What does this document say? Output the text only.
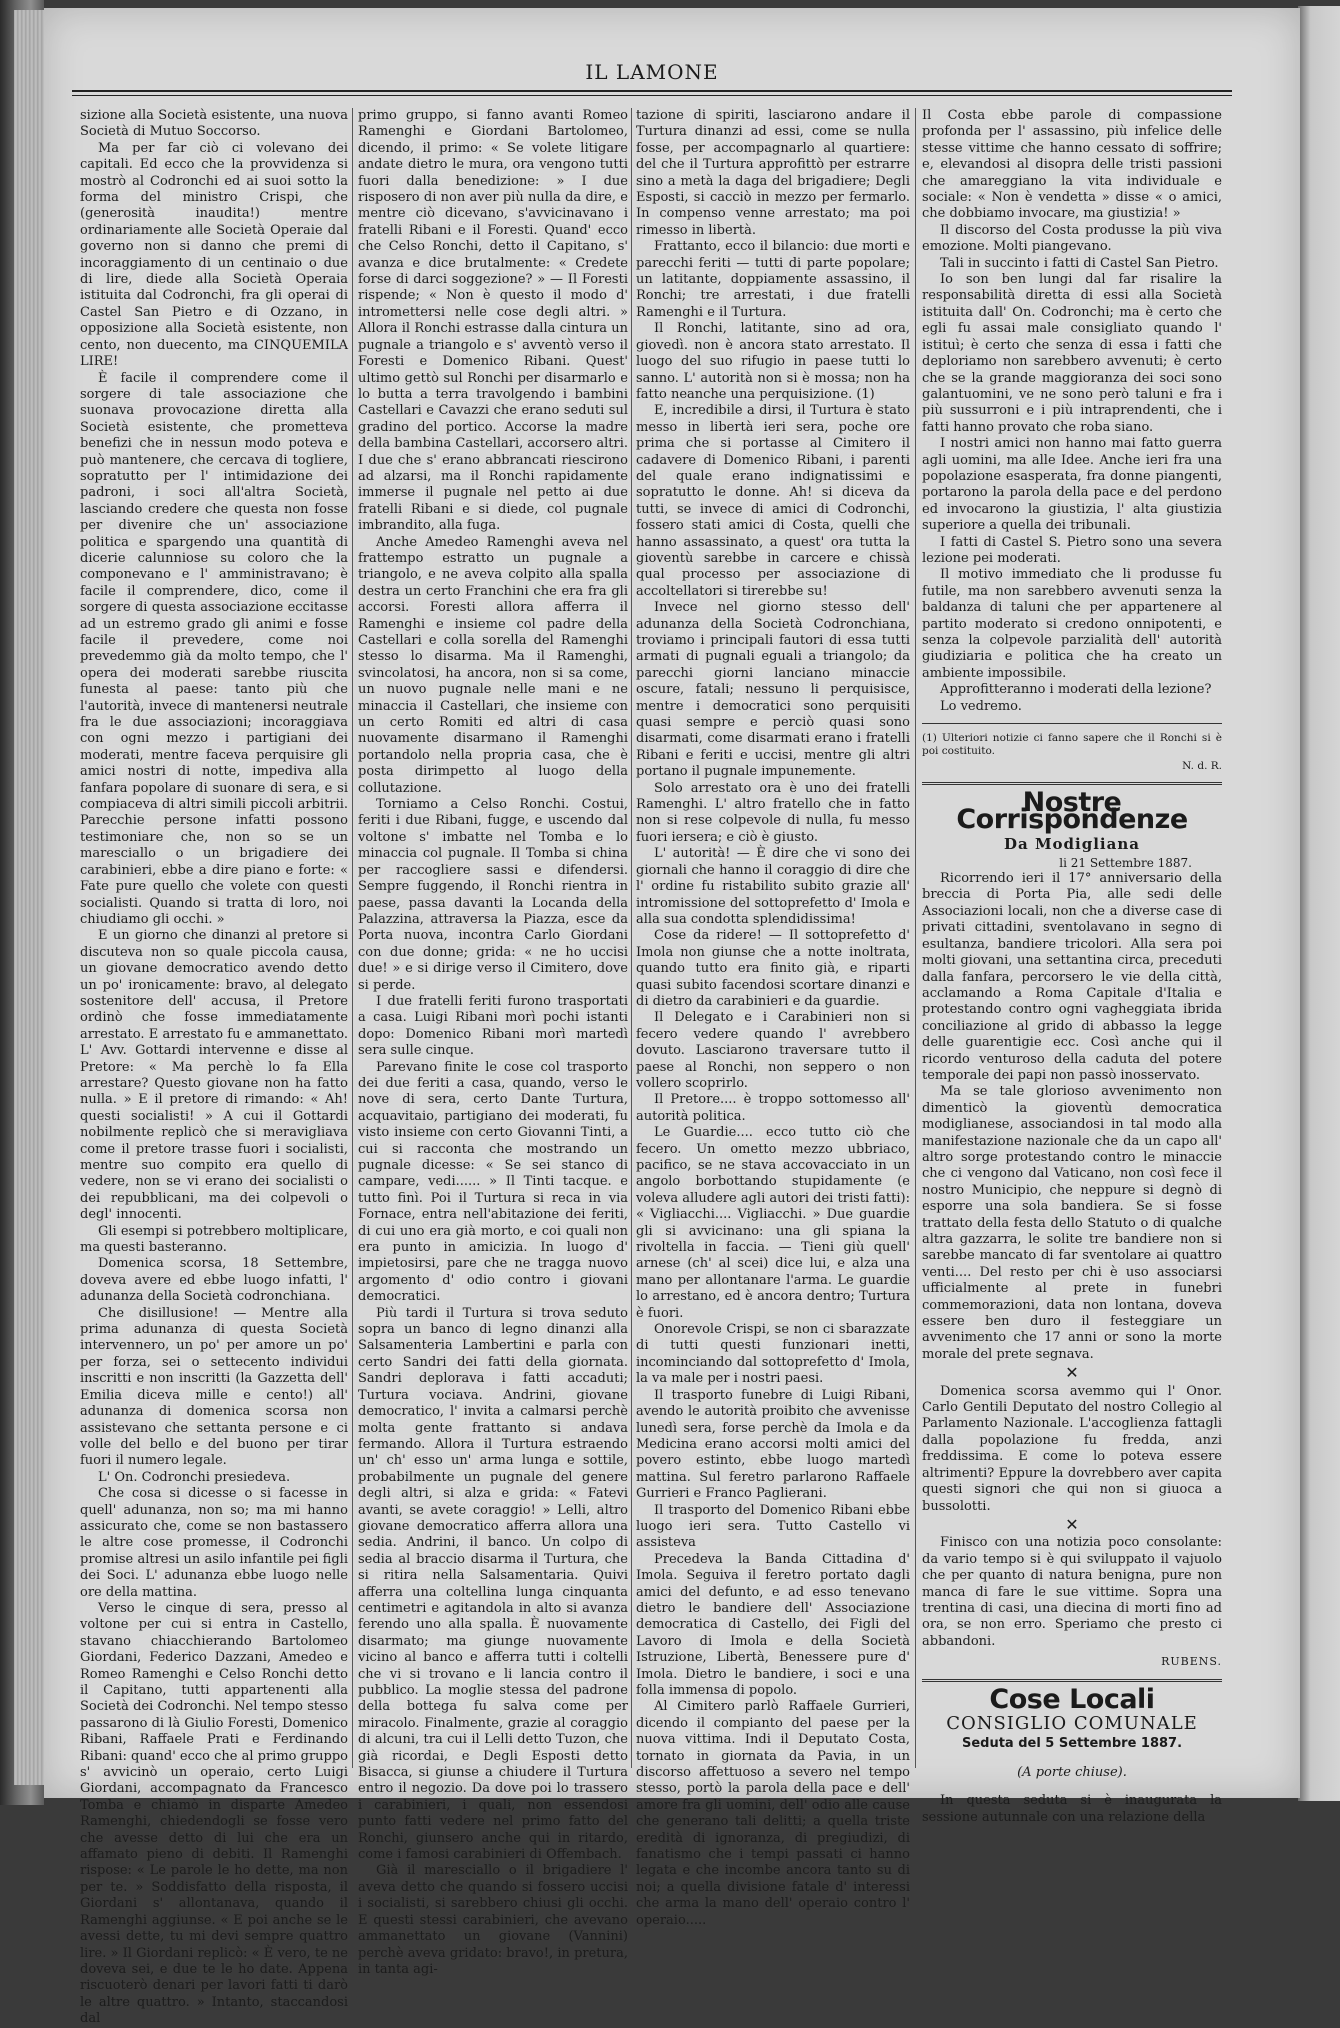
IL LAMONE

sizione alla Società esistente, una nuova Società di Mutuo Soccorso.

Ma per far ciò ci volevano dei capitali. Ed ecco che la provvidenza si mostrò al Codronchi ed ai suoi sotto la forma del ministro Crispi, che (generosità inaudita!) mentre ordinariamente alle Società Operaie dal governo non si danno che premi di incoraggiamento di un centinaio o due di lire, diede alla Società Operaia istituita dal Codronchi, fra gli operai di Castel San Pietro e di Ozzano, in opposizione alla Società esistente, non cento, non duecento, ma CINQUEMILA LIRE!

È facile il comprendere come il sorgere di tale associazione che suonava provocazione diretta alla Società esistente, che prometteva benefizi che in nessun modo poteva e può mantenere, che cercava di togliere, sopratutto per l' intimidazione dei padroni, i soci all'altra Società, lasciando credere che questa non fosse per divenire che un' associazione politica e spargendo una quantità di dicerie calunniose su coloro che la componevano e l' amministravano; è facile il comprendere, dico, come il sorgere di questa associazione eccitasse ad un estremo grado gli animi e fosse facile il prevedere, come noi prevedemmo già da molto tempo, che l' opera dei moderati sarebbe riuscita funesta al paese: tanto più che l'autorità, invece di mantenersi neutrale fra le due associazioni; incoraggiava con ogni mezzo i partigiani dei moderati, mentre faceva perquisire gli amici nostri di notte, impediva alla fanfara popolare di suonare di sera, e si compiaceva di altri simili piccoli arbitrii. Parecchie persone infatti possono testimoniare che, non so se un maresciallo o un brigadiere dei carabinieri, ebbe a dire piano e forte: « Fate pure quello che volete con questi socialisti. Quando si tratta di loro, noi chiudiamo gli occhi. »

E un giorno che dinanzi al pretore si discuteva non so quale piccola causa, un giovane democratico avendo detto un po' ironicamente: bravo, al delegato sostenitore dell' accusa, il Pretore ordinò che fosse immediatamente arrestato. E arrestato fu e ammanettato. L' Avv. Gottardi intervenne e disse al Pretore: « Ma perchè lo fa Ella arrestare? Questo giovane non ha fatto nulla. » E il pretore di rimando: « Ah! questi socialisti! » A cui il Gottardi nobilmente replicò che si meravigliava come il pretore trasse fuori i socialisti, mentre suo compito era quello di vedere, non se vi erano dei socialisti o dei repubblicani, ma dei colpevoli o degl' innocenti.

Gli esempi si potrebbero moltiplicare, ma questi basteranno.

Domenica scorsa, 18 Settembre, doveva avere ed ebbe luogo infatti, l' adunanza della Società codronchiana.

Che disillusione! — Mentre alla prima adunanza di questa Società intervennero, un po' per amore un po' per forza, sei o settecento individui inscritti e non inscritti (la Gazzetta dell' Emilia diceva mille e cento!) all' adunanza di domenica scorsa non assistevano che settanta persone e ci volle del bello e del buono per tirar fuori il numero legale.

L' On. Codronchi presiedeva.

Che cosa si dicesse o si facesse in quell' adunanza, non so; ma mi hanno assicurato che, come se non bastassero le altre cose promesse, il Codronchi promise altresi un asilo infantile pei figli dei Soci. L' adunanza ebbe luogo nelle ore della mattina.

Verso le cinque di sera, presso al voltone per cui si entra in Castello, stavano chiacchierando Bartolomeo Giordani, Federico Dazzani, Amedeo e Romeo Ramenghi e Celso Ronchi detto il Capitano, tutti appartenenti alla Società dei Codronchi. Nel tempo stesso passarono di là Giulio Foresti, Domenico Ribani, Raffaele Prati e Ferdinando Ribani: quand' ecco che al primo gruppo s' avvicinò un operaio, certo Luigi Giordani, accompagnato da Francesco Tomba e chiamò in disparte Amedeo Ramenghi, chiedendogli se fosse vero che avesse detto di lui che era un affamato pieno di debiti. Il Ramenghi rispose: « Le parole le ho dette, ma non per te. » Soddisfatto della risposta, il Giordani s' allontanava, quando il Ramenghi aggiunse. « E poi anche se le avessi dette, tu mi devi sempre quattro lire. » Il Giordani replicò: « È vero, te ne doveva sei, e due te le ho date. Appena riscuoterò denari per lavori fatti ti darò le altre quattro. » Intanto, staccandosi dal

primo gruppo, si fanno avanti Romeo Ramenghi e Giordani Bartolomeo, dicendo, il primo: « Se volete litigare andate dietro le mura, ora vengono tutti fuori dalla benedizione: » I due risposero di non aver più nulla da dire, e mentre ciò dicevano, s'avvicinavano i fratelli Ribani e il Foresti. Quand' ecco che Celso Ronchi, detto il Capitano, s' avanza e dice brutalmente: « Credete forse di darci soggezione? » — Il Foresti rispende; « Non è questo il modo d' intromettersi nelle cose degli altri. » Allora il Ronchi estrasse dalla cintura un pugnale a triangolo e s' avventò verso il Foresti e Domenico Ribani. Quest' ultimo gettò sul Ronchi per disarmarlo e lo butta a terra travolgendo i bambini Castellari e Cavazzi che erano seduti sul gradino del portico. Accorse la madre della bambina Castellari, accorsero altri. I due che s' erano abbrancati riescirono ad alzarsi, ma il Ronchi rapidamente immerse il pugnale nel petto ai due fratelli Ribani e si diede, col pugnale imbrandito, alla fuga.

Anche Amedeo Ramenghi aveva nel frattempo estratto un pugnale a triangolo, e ne aveva colpito alla spalla destra un certo Franchini che era fra gli accorsi. Foresti allora afferra il Ramenghi e insieme col padre della Castellari e colla sorella del Ramenghi stesso lo disarma. Ma il Ramenghi, svincolatosi, ha ancora, non si sa come, un nuovo pugnale nelle mani e ne minaccia il Castellari, che insieme con un certo Romiti ed altri di casa nuovamente disarmano il Ramenghi portandolo nella propria casa, che è posta dirimpetto al luogo della collutazione.

Torniamo a Celso Ronchi. Costui, feriti i due Ribani, fugge, e uscendo dal voltone s' imbatte nel Tomba e lo minaccia col pugnale. Il Tomba si china per raccogliere sassi e difendersi. Sempre fuggendo, il Ronchi rientra in paese, passa davanti la Locanda della Palazzina, attraversa la Piazza, esce da Porta nuova, incontra Carlo Giordani con due donne; grida: « ne ho uccisi due! » e si dirige verso il Cimitero, dove si perde.

I due fratelli feriti furono trasportati a casa. Luigi Ribani morì pochi istanti dopo: Domenico Ribani morì martedì sera sulle cinque.

Parevano finite le cose col trasporto dei due feriti a casa, quando, verso le nove di sera, certo Dante Turtura, acquavitaio, partigiano dei moderati, fu visto insieme con certo Giovanni Tinti, a cui si racconta che mostrando un pugnale dicesse: « Se sei stanco di campare, vedi...... » Il Tinti tacque. e tutto finì. Poi il Turtura si reca in via Fornace, entra nell'abitazione dei feriti, di cui uno era già morto, e coi quali non era punto in amicizia. In luogo d' impietosirsi, pare che ne tragga nuovo argomento d' odio contro i giovani democratici.

Più tardi il Turtura si trova seduto sopra un banco di legno dinanzi alla Salsamenteria Lambertini e parla con certo Sandri dei fatti della giornata. Sandri deplorava i fatti accaduti; Turtura vociava. Andrini, giovane democratico, l' invita a calmarsi perchè molta gente frattanto si andava fermando. Allora il Turtura estraendo un' ch' esso un' arma lunga e sottile, probabilmente un pugnale del genere degli altri, si alza e grida: « Fatevi avanti, se avete coraggio! » Lelli, altro giovane democratico afferra allora una sedia. Andrini, il banco. Un colpo di sedia al braccio disarma il Turtura, che si ritira nella Salsamentaria. Quivi afferra una coltellina lunga cinquanta centimetri e agitandola in alto si avanza ferendo uno alla spalla. È nuovamente disarmato; ma giunge nuovamente vicino al banco e afferra tutti i coltelli che vi si trovano e li lancia contro il pubblico. La moglie stessa del padrone della bottega fu salva come per miracolo. Finalmente, grazie al coraggio di alcuni, tra cui il Lelli detto Tuzon, che già ricordai, e Degli Esposti detto Bisacca, si giunse a chiudere il Turtura entro il negozio. Da dove poi lo trassero i carabinieri, i quali, non essendosi punto fatti vedere nel primo fatto del Ronchi, giunsero anche qui in ritardo, come i famosi carabinieri di Offembach.

Già il maresciallo o il brigadiere l' aveva detto che quando si fossero uccisi i socialisti, si sarebbero chiusi gli occhi. E questi stessi carabinieri, che avevano ammanettato un giovane (Vannini) perchè aveva gridato: bravo!, in pretura, in tanta agi-

tazione di spiriti, lasciarono andare il Turtura dinanzi ad essi, come se nulla fosse, per accompagnarlo al quartiere: del che il Turtura approfittò per estrarre sino a metà la daga del brigadiere; Degli Esposti, si cacciò in mezzo per fermarlo. In compenso venne arrestato; ma poi rimesso in libertà.

Frattanto, ecco il bilancio: due morti e parecchi feriti — tutti di parte popolare; un latitante, doppiamente assassino, il Ronchi; tre arrestati, i due fratelli Ramenghi e il Turtura.

Il Ronchi, latitante, sino ad ora, giovedì. non è ancora stato arrestato. Il luogo del suo rifugio in paese tutti lo sanno. L' autorità non si è mossa; non ha fatto neanche una perquisizione. (1)

E, incredibile a dirsi, il Turtura è stato messo in libertà ieri sera, poche ore prima che si portasse al Cimitero il cadavere di Domenico Ribani, i parenti del quale erano indignatissimi e sopratutto le donne. Ah! si diceva da tutti, se invece di amici di Codronchi, fossero stati amici di Costa, quelli che hanno assassinato, a quest' ora tutta la gioventù sarebbe in carcere e chissà qual processo per associazione di accoltellatori si tirerebbe su!

Invece nel giorno stesso dell' adunanza della Società Codronchiana, troviamo i principali fautori di essa tutti armati di pugnali eguali a triangolo; da parecchi giorni lanciano minaccie oscure, fatali; nessuno li perquisisce, mentre i democratici sono perquisiti quasi sempre e perciò quasi sono disarmati, come disarmati erano i fratelli Ribani e feriti e uccisi, mentre gli altri portano il pugnale impunemente.

Solo arrestato ora è uno dei fratelli Ramenghi. L' altro fratello che in fatto non si rese colpevole di nulla, fu messo fuori iersera; e ciò è giusto.

L' autorità! — È dire che vi sono dei giornali che hanno il coraggio di dire che l' ordine fu ristabilito subito grazie all' intromissione del sottoprefetto d' Imola e alla sua condotta splendidissima!

Cose da ridere! — Il sottoprefetto d' Imola non giunse che a notte inoltrata, quando tutto era finito già, e riparti quasi subito facendosi scortare dinanzi e di dietro da carabinieri e da guardie.

Il Delegato e i Carabinieri non si fecero vedere quando l' avrebbero dovuto. Lasciarono traversare tutto il paese al Ronchi, non seppero o non vollero scoprirlo.

Il Pretore.... è troppo sottomesso all' autorità politica.

Le Guardie.... ecco tutto ciò che fecero. Un ometto mezzo ubbriaco, pacifico, se ne stava accovacciato in un angolo borbottando stupidamente (e voleva alludere agli autori dei tristi fatti): « Vigliacchi.... Vigliacchi. » Due guardie gli si avvicinano: una gli spiana la rivoltella in faccia. — Tieni giù quell' arnese (ch' al scei) dice lui, e alza una mano per allontanare l'arma. Le guardie lo arrestano, ed è ancora dentro; Turtura è fuori.

Onorevole Crispi, se non ci sbarazzate di tutti questi funzionari inetti, incominciando dal sottoprefetto d' Imola, la va male per i nostri paesi.

Il trasporto funebre di Luigi Ribani, avendo le autorità proibito che avvenisse lunedì sera, forse perchè da Imola e da Medicina erano accorsi molti amici del povero estinto, ebbe luogo martedì mattina. Sul feretro parlarono Raffaele Gurrieri e Franco Paglierani.

Il trasporto del Domenico Ribani ebbe luogo ieri sera. Tutto Castello vi assisteva

Precedeva la Banda Cittadina d' Imola. Seguiva il feretro portato dagli amici del defunto, e ad esso tenevano dietro le bandiere dell' Associazione democratica di Castello, dei Figli del Lavoro di Imola e della Società Istruzione, Libertà, Benessere pure d' Imola. Dietro le bandiere, i soci e una folla immensa di popolo.

Al Cimitero parlò Raffaele Gurrieri, dicendo il compianto del paese per la nuova vittima. Indi il Deputato Costa, tornato in giornata da Pavia, in un discorso affettuoso a severo nel tempo stesso, portò la parola della pace e dell' amore fra gli uomini, dell' odio alle cause che generano tali delitti; a quella triste eredità di ignoranza, di pregiudizi, di fanatismo che i tempi passati ci hanno legata e che incombe ancora tanto su di noi; a quella divisione fatale d' interessi che arma la mano dell' operaio contro l' operaio.....

Il Costa ebbe parole di compassione profonda per l' assassino, più infelice delle stesse vittime che hanno cessato di soffrire; e, elevandosi al disopra delle tristi passioni che amareggiano la vita individuale e sociale: « Non è vendetta » disse « o amici, che dobbiamo invocare, ma giustizia! »

Il discorso del Costa produsse la più viva emozione. Molti piangevano.

Tali in succinto i fatti di Castel San Pietro.

Io son ben lungi dal far risalire la responsabilità diretta di essi alla Società istituita dall' On. Codronchi; ma è certo che egli fu assai male consigliato quando l' istituì; è certo che senza di essa i fatti che deploriamo non sarebbero avvenuti; è certo che se la grande maggioranza dei soci sono galantuomini, ve ne sono però taluni e fra i più sussurroni e i più intraprendenti, che i fatti hanno provato che roba siano.

I nostri amici non hanno mai fatto guerra agli uomini, ma alle Idee. Anche ieri fra una popolazione esasperata, fra donne piangenti, portarono la parola della pace e del perdono ed invocarono la giustizia, l' alta giustizia superiore a quella dei tribunali.

I fatti di Castel S. Pietro sono una severa lezione pei moderati.

Il motivo immediato che li produsse fu futile, ma non sarebbero avvenuti senza la baldanza di taluni che per appartenere al partito moderato si credono onnipotenti, e senza la colpevole parzialità dell' autorità giudiziaria e politica che ha creato un ambiente impossibile.

Approfitteranno i moderati della lezione?

Lo vedremo.

(1) Ulteriori notizie ci fanno sapere che il Ronchi si è poi costituito.

N. d. R.
Nostre Corrispondenze
Da Modigliana
li 21 Settembre 1887.

Ricorrendo ieri il 17° anniversario della breccia di Porta Pia, alle sedi delle Associazioni locali, non che a diverse case di privati cittadini, sventolavano in segno di esultanza, bandiere tricolori. Alla sera poi molti giovani, una settantina circa, preceduti dalla fanfara, percorsero le vie della città, acclamando a Roma Capitale d'Italia e protestando contro ogni vagheggiata ibrida conciliazione al grido di abbasso la legge delle guarentigie ecc. Così anche qui il ricordo venturoso della caduta del potere temporale dei papi non passò inosservato.

Ma se tale glorioso avvenimento non dimenticò la gioventù democratica modiglianese, associandosi in tal modo alla manifestazione nazionale che da un capo all' altro sorge protestando contro le minaccie che ci vengono dal Vaticano, non così fece il nostro Municipio, che neppure si degnò di esporre una sola bandiera. Se si fosse trattato della festa dello Statuto o di qualche altra gazzarra, le solite tre bandiere non si sarebbe mancato di far sventolare ai quattro venti.... Del resto per chi è uso associarsi ufficialmente al prete in funebri commemorazioni, data non lontana, doveva essere ben duro il festeggiare un avvenimento che 17 anni or sono la morte morale del prete segnava.

✕

Domenica scorsa avemmo qui l' Onor. Carlo Gentili Deputato del nostro Collegio al Parlamento Nazionale. L'accoglienza fattagli dalla popolazione fu fredda, anzi freddissima. E come lo poteva essere altrimenti? Eppure la dovrebbero aver capita questi signori che qui non si giuoca a bussolotti.

✕

Finisco con una notizia poco consolante: da vario tempo si è qui sviluppato il vajuolo che per quanto di natura benigna, pure non manca di fare le sue vittime. Sopra una trentina di casi, una diecina di morti fino ad ora, se non erro. Speriamo che presto ci abbandoni.

RUBENS.
Cose Locali
CONSIGLIO COMUNALE
Seduta del 5 Settembre 1887.
(A porte chiuse).

In questa seduta si è inaugurata la sessione autunnale con una relazione della
